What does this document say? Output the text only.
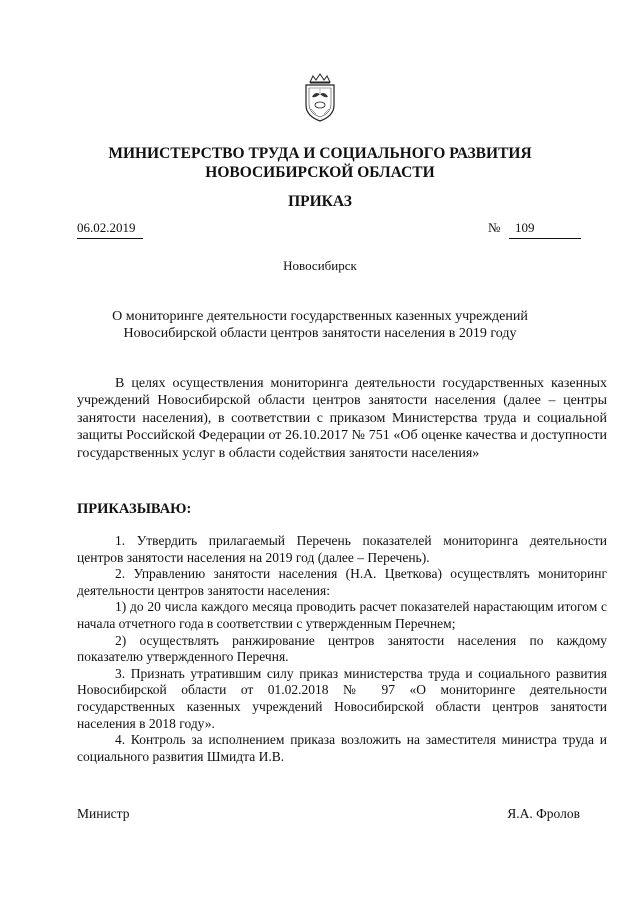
МИНИСТЕРСТВО ТРУДА И СОЦИАЛЬНОГО РАЗВИТИЯ
НОВОСИБИРСКОЙ ОБЛАСТИ
ПРИКАЗ
06.02.2019	№	109
Новосибирск
О мониторинге деятельности государственных казенных учреждений
Новосибирской области центров занятости населения в 2019 году

В целях осуществления мониторинга деятельности государственных казенных учреждений Новосибирской области центров занятости населения (далее – центры занятости населения), в соответствии с приказом Министерства труда и социальной защиты Российской Федерации от 26.10.2017 № 751 «Об оценке качества и доступности государственных услуг в области содействия занятости населения»

ПРИКАЗЫВАЮ:

1. Утвердить прилагаемый Перечень показателей мониторинга деятельности центров занятости населения на 2019 год (далее – Перечень).

2. Управлению занятости населения (Н.А. Цветкова) осуществлять мониторинг деятельности центров занятости населения:

1) до 20 числа каждого месяца проводить расчет показателей нарастающим итогом с начала отчетного года в соответствии с утвержденным Перечнем;

2) осуществлять ранжирование центров занятости населения по каждому показателю утвержденного Перечня.

3. Признать утратившим силу приказ министерства труда и социального развития Новосибирской области от 01.02.2018 № 97 «О мониторинге деятельности государственных казенных учреждений Новосибирской области центров занятости населения в 2018 году».

4. Контроль за исполнением приказа возложить на заместителя министра труда и социального развития Шмидта И.В.

Министр	Я.А. Фролов
